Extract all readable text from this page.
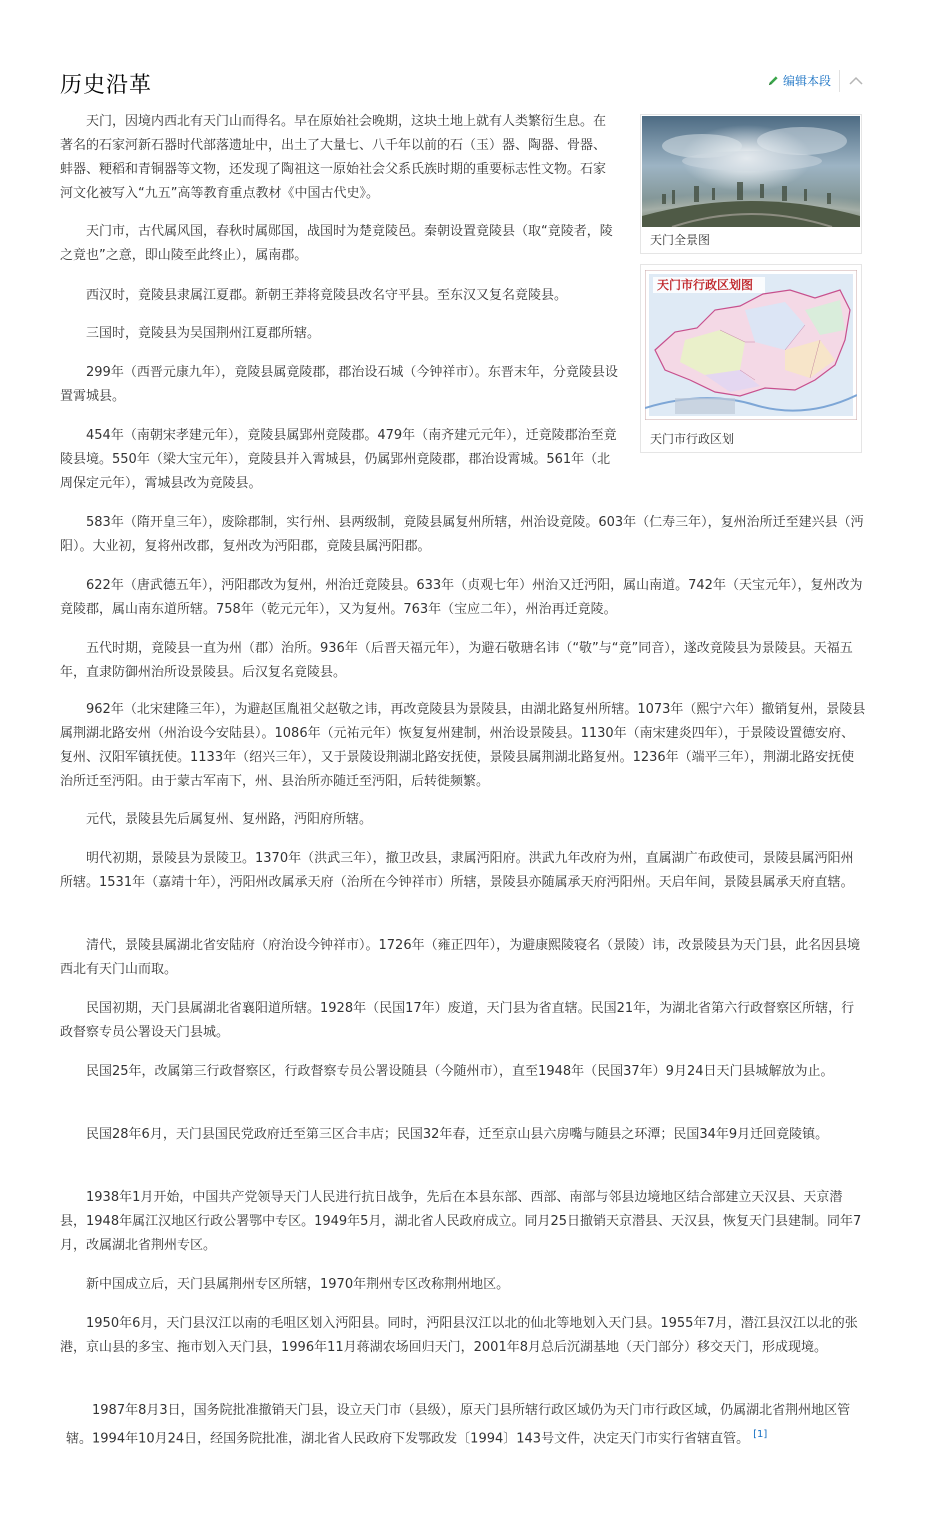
历史沿革	编辑本段
天门全景图
天门市行政区划图
天门市行政区划

天门，因境内西北有天门山而得名。早在原始社会晚期，这块土地上就有人类繁衍生息。在著名的石家河新石器时代部落遗址中，出土了大量七、八千年以前的石（玉）器、陶器、骨器、蚌器、粳稻和青铜器等文物，还发现了陶祖这一原始社会父系氏族时期的重要标志性文物。石家河文化被写入“九五”高等教育重点教材《中国古代史》。

天门市，古代属风国，春秋时属郧国，战国时为楚竟陵邑。秦朝设置竟陵县（取“竟陵者，陵之竟也”之意，即山陵至此终止），属南郡。

西汉时，竟陵县隶属江夏郡。新朝王莽将竟陵县改名守平县。至东汉又复名竟陵县。

三国时，竟陵县为吴国荆州江夏郡所辖。

299年（西晋元康九年），竟陵县属竟陵郡，郡治设石城（今钟祥市）。东晋末年，分竟陵县设置霄城县。

454年（南朝宋孝建元年），竟陵县属郢州竟陵郡。479年（南齐建元元年），迁竟陵郡治至竟陵县境。550年（梁大宝元年），竟陵县并入霄城县，仍属郢州竟陵郡，郡治设霄城。561年（北周保定元年），霄城县改为竟陵县。

583年（隋开皇三年），废除郡制，实行州、县两级制，竟陵县属复州所辖，州治设竟陵。603年（仁寿三年），复州治所迁至建兴县（沔阳）。大业初，复将州改郡，复州改为沔阳郡，竟陵县属沔阳郡。

622年（唐武德五年），沔阳郡改为复州，州治迁竟陵县。633年（贞观七年）州治又迁沔阳，属山南道。742年（天宝元年），复州改为竟陵郡，属山南东道所辖。758年（乾元元年），又为复州。763年（宝应二年），州治再迁竟陵。

五代时期，竟陵县一直为州（郡）治所。936年（后晋天福元年），为避石敬瑭名讳（“敬”与“竟”同音），遂改竟陵县为景陵县。天福五年，直隶防御州治所设景陵县。后汉复名竟陵县。

962年（北宋建隆三年），为避赵匡胤祖父赵敬之讳，再改竟陵县为景陵县，由湖北路复州所辖。1073年（熙宁六年）撤销复州，景陵县属荆湖北路安州（州治设今安陆县）。1086年（元祐元年）恢复复州建制，州治设景陵县。1130年（南宋建炎四年），于景陵设置德安府、复州、汉阳军镇抚使。1133年（绍兴三年），又于景陵设荆湖北路安抚使，景陵县属荆湖北路复州。1236年（端平三年），荆湖北路安抚使治所迁至沔阳。由于蒙古军南下，州、县治所亦随迁至沔阳，后转徙频繁。

元代，景陵县先后属复州、复州路，沔阳府所辖。

明代初期，景陵县为景陵卫。1370年（洪武三年），撤卫改县，隶属沔阳府。洪武九年改府为州，直属湖广布政使司，景陵县属沔阳州所辖。1531年（嘉靖十年），沔阳州改属承天府（治所在今钟祥市）所辖，景陵县亦随属承天府沔阳州。天启年间，景陵县属承天府直辖。

清代，景陵县属湖北省安陆府（府治设今钟祥市）。1726年（雍正四年），为避康熙陵寝名（景陵）讳，改景陵县为天门县，此名因县境西北有天门山而取。

民国初期，天门县属湖北省襄阳道所辖。1928年（民国17年）废道，天门县为省直辖。民国21年，为湖北省第六行政督察区所辖，行政督察专员公署设天门县城。

民国25年，改属第三行政督察区，行政督察专员公署设随县（今随州市），直至1948年（民国37年）9月24日天门县城解放为止。

民国28年6月，天门县国民党政府迁至第三区合丰店；民国32年春，迁至京山县六房嘴与随县之环潭；民国34年9月迁回竟陵镇。

1938年1月开始，中国共产党领导天门人民进行抗日战争，先后在本县东部、西部、南部与邻县边境地区结合部建立天汉县、天京潜县，1948年属江汉地区行政公署鄂中专区。1949年5月，湖北省人民政府成立。同月25日撤销天京潜县、天汉县，恢复天门县建制。同年7月，改属湖北省荆州专区。

新中国成立后，天门县属荆州专区所辖，1970年荆州专区改称荆州地区。

1950年6月，天门县汉江以南的毛咀区划入沔阳县。同时，沔阳县汉江以北的仙北等地划入天门县。1955年7月，潜江县汉江以北的张港，京山县的多宝、拖市划入天门县，1996年11月蒋湖农场回归天门，2001年8月总后沉湖基地（天门部分）移交天门，形成现境。

1987年8月3日，国务院批准撤销天门县，设立天门市（县级），原天门县所辖行政区域仍为天门市行政区域，仍属湖北省荆州地区管辖。1994年10月24日，经国务院批准，湖北省人民政府下发鄂政发〔1994〕143号文件，决定天门市实行省辖直管。 [1]
